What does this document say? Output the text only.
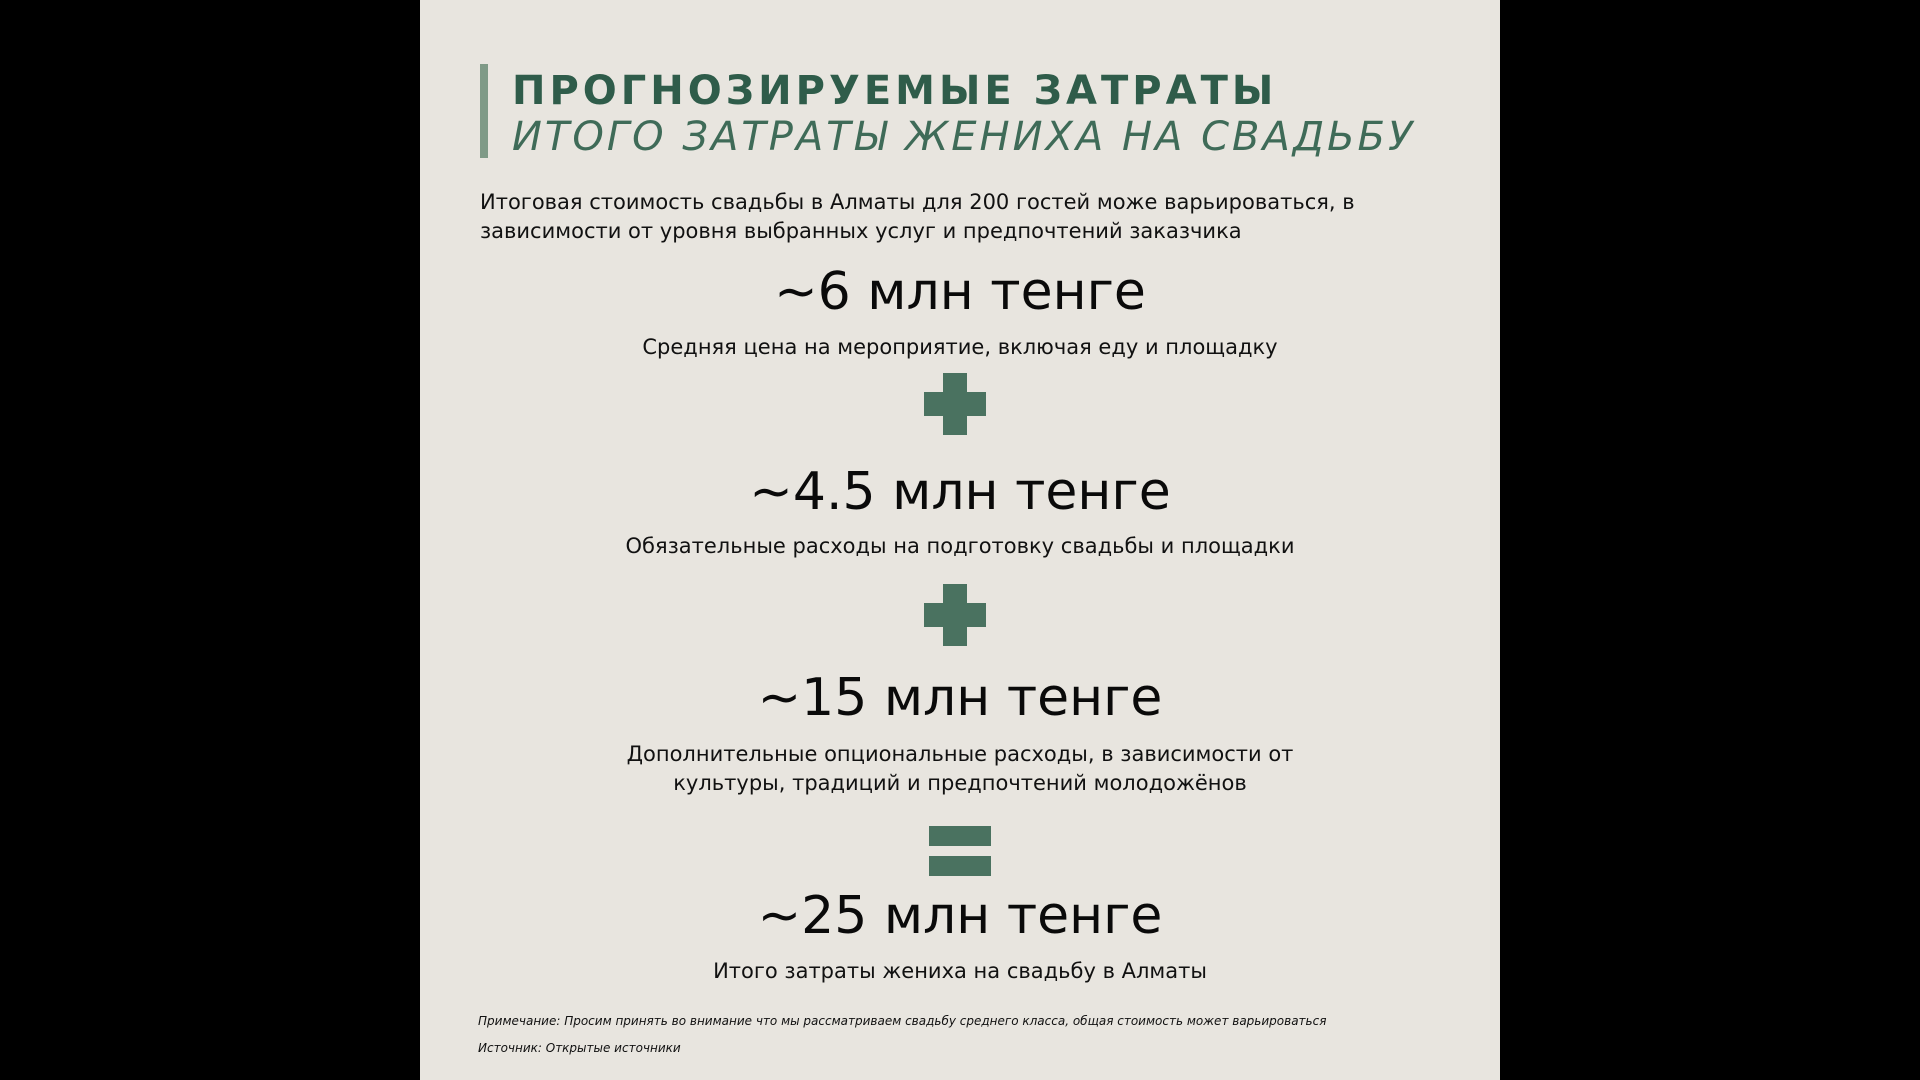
ПРОГНОЗИРУЕМЫЕ ЗАТРАТЫ
ИТОГО ЗАТРАТЫ ЖЕНИХА НА СВАДЬБУ
Итоговая стоимость свадьбы в Алматы для 200 гостей може варьироваться, в зависимости от уровня выбранных услуг и предпочтений заказчика
~6 млн тенге
Средняя цена на мероприятие, включая еду и площадку
~4.5 млн тенге
Обязательные расходы на подготовку свадьбы и площадки
~15 млн тенге
Дополнительные опциональные расходы, в зависимости от
культуры, традиций и предпочтений молодожёнов
~25 млн тенге
Итого затраты жениха на свадьбу в Алматы
Примечание: Просим принять во внимание что мы рассматриваем свадьбу среднего класса, общая стоимость может варьироваться
Источник: Открытые источники
